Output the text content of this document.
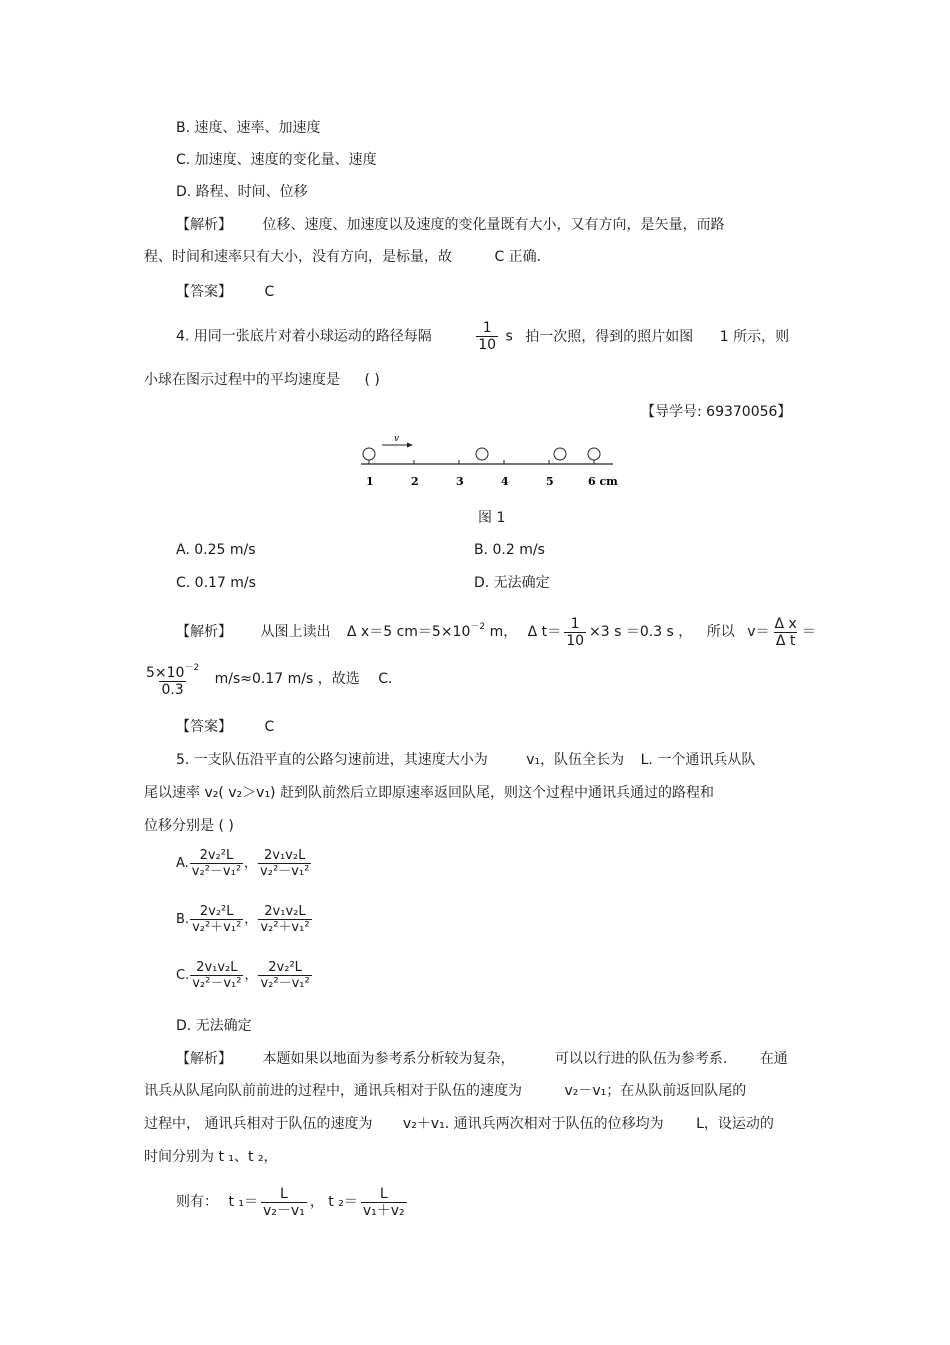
B. 速度、速率、加速度
C. 加速度、速度的变化量、速度
D. 路程、时间、位移
【解析】 位移、速度、加速度以及速度的变化量既有大小，又有方向，是矢量，而路
程、时间和速率只有大小，没有方向，是标量，故	C 正确.
【答案】 C
4. 用同一张底片对着小球运动的路径每隔	$\frac{1}{10}$ s 拍一次照，得到的照片如图 1 所示，则
小球在图示过程中的平均速度是 ( )
【导学号: 69370056】
v
1	2	3	4	5	6 cm
图 1
A. 0.25 m/s	B. 0.2 m/s
C. 0.17 m/s	D. 无法确定
【解析】 从图上读出 Δ x＝5 $cm=5\times 10^{-2}$ m， Δ $t= \frac{1}{10} \times 3$ s ＝0.3 s ， 所以 $v= \frac{\text{Δ x}}{\text{Δ t}}$ ＝
$\frac{5\times 10^{-2}}{0.3} m/s\approx 0.17$ m/s ，故选 C.
【答案】 C
5. 一支队伍沿平直的公路匀速前进，其速度大小为	v₁，队伍全长为 L. 一个通讯兵从队
尾以速率 v₂( v₂＞v₁) 赶到队前然后立即原速率返回队尾，则这个过程中通讯兵通过的路程和
位移分别是 ( )
A. $\frac{\text{2v₂²L}}{\text{v₂²－v₁²}}$ ， $\frac{\text{2v₁v₂L}}{\text{v₂²－v₁²}}$
B. $\frac{\text{2v₂²L}}{\text{v₂²＋v₁²}}$ ， $\frac{\text{2v₁v₂L}}{\text{v₂²＋v₁²}}$
C. $\frac{\text{2v₁v₂L}}{\text{v₂²－v₁²}}$ ， $\frac{\text{2v₂²L}}{\text{v₂²－v₁²}}$
D. 无法确定
【解析】 本题如果以地面为参考系分析较为复杂，	可以以行进的队伍为参考系. 在通
讯兵从队尾向队前前进的过程中，通讯兵相对于队伍的速度为	v₂－v₁；在从队前返回队尾的
过程中， 通讯兵相对于队伍的速度为 v₂＋v₁. 通讯兵两次相对于队伍的位移均为 L，设运动的
时间分别为 t ₁、t ₂，
则有： t $_1= \frac{L}{\text{v₂－v₁}}$ ， t $_2= \frac{L}{\text{v₁＋v₂}}$
